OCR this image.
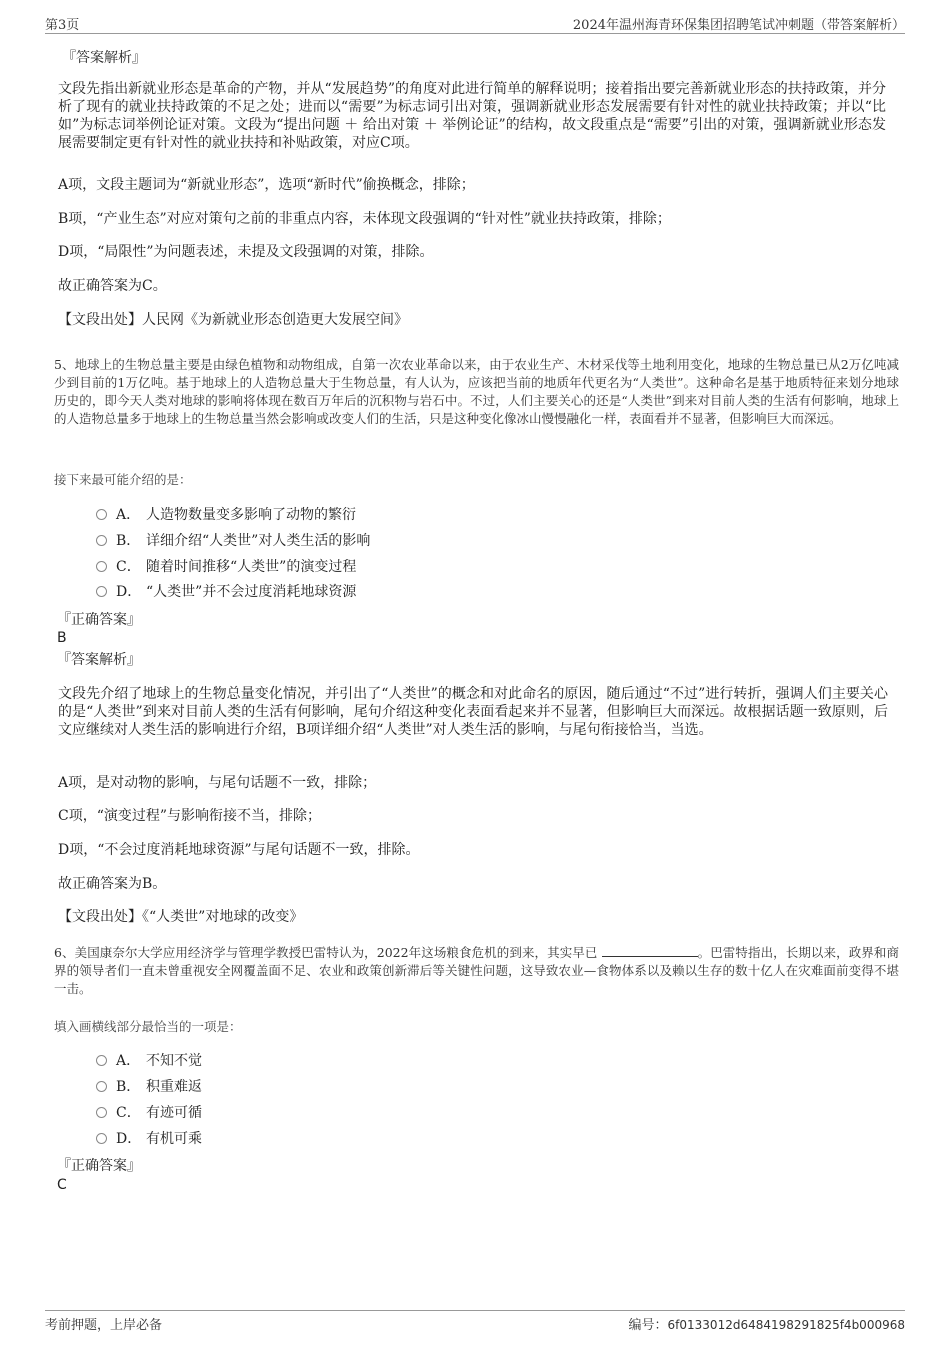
第3页	2024年温州海青环保集团招聘笔试冲刺题（带答案解析）
『答案解析』
文段先指出新就业形态是革命的产物，并从“发展趋势”的角度对此进行简单的解释说明；接着指出要完善新就业形态的扶持政策，并分析了现有的就业扶持政策的不足之处；进而以“需要”为标志词引出对策，强调新就业形态发展需要有针对性的就业扶持政策；并以“比如”为标志词举例论证对策。文段为“提出问题 ＋ 给出对策 ＋ 举例论证”的结构，故文段重点是“需要”引出的对策，强调新就业形态发展需要制定更有针对性的就业扶持和补贴政策，对应C项。
A项，文段主题词为“新就业形态”，选项“新时代”偷换概念，排除；
B项，“产业生态”对应对策句之前的非重点内容，未体现文段强调的“针对性”就业扶持政策，排除；
D项，“局限性”为问题表述，未提及文段强调的对策，排除。
故正确答案为C。
【文段出处】人民网《为新就业形态创造更大发展空间》
5、地球上的生物总量主要是由绿色植物和动物组成，自第一次农业革命以来，由于农业生产、木材采伐等土地利用变化，地球的生物总量已从2万亿吨减少到目前的1万亿吨。基于地球上的人造物总量大于生物总量，有人认为，应该把当前的地质年代更名为“人类世”。这种命名是基于地质特征来划分地球历史的，即今天人类对地球的影响将体现在数百万年后的沉积物与岩石中。不过，人们主要关心的还是“人类世”到来对目前人类的生活有何影响，地球上的人造物总量多于地球上的生物总量当然会影响或改变人们的生活，只是这种变化像冰山慢慢融化一样，表面看并不显著，但影响巨大而深远。
接下来最可能介绍的是：
A． 人造物数量变多影响了动物的繁衍
B． 详细介绍“人类世”对人类生活的影响
C． 随着时间推移“人类世”的演变过程
D． “人类世”并不会过度消耗地球资源
『正确答案』
B
『答案解析』
文段先介绍了地球上的生物总量变化情况，并引出了“人类世”的概念和对此命名的原因，随后通过“不过”进行转折，强调人们主要关心的是“人类世”到来对目前人类的生活有何影响，尾句介绍这种变化表面看起来并不显著，但影响巨大而深远。故根据话题一致原则，后文应继续对人类生活的影响进行介绍，B项详细介绍“人类世”对人类生活的影响，与尾句衔接恰当，当选。
A项，是对动物的影响，与尾句话题不一致，排除；
C项，“演变过程”与影响衔接不当，排除；
D项，“不会过度消耗地球资源”与尾句话题不一致，排除。
故正确答案为B。
【文段出处】《“人类世”对地球的改变》
6、美国康奈尔大学应用经济学与管理学教授巴雷特认为，2022年这场粮食危机的到来，其实早已	。巴雷特指出，长期以来，政界和商界的领导者们一直未曾重视安全网覆盖面不足、农业和政策创新滞后等关键性问题，这导致农业—食物体系以及赖以生存的数十亿人在灾难面前变得不堪一击。
填入画横线部分最恰当的一项是：
A． 不知不觉
B． 积重难返
C． 有迹可循
D． 有机可乘
『正确答案』
C
考前押题，上岸必备	编号：6f0133012d6484198291825f4b000968
